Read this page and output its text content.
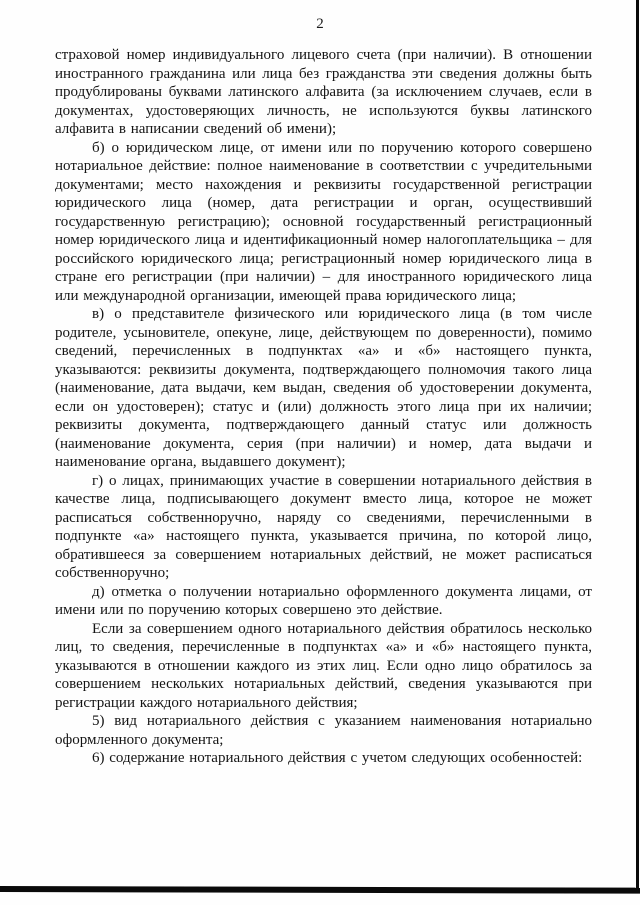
2

страховой номер индивидуального лицевого счета (при наличии). В отношении иностранного гражданина или лица без гражданства эти сведения должны быть продублированы буквами латинского алфавита (за исключением случаев, если в документах, удостоверяющих личность, не используются буквы латинского алфавита в написании сведений об имени);

б) о юридическом лице, от имени или по поручению которого совершено нотариальное действие: полное наименование в соответствии с учредительными документами; место нахождения и реквизиты государственной регистрации юридического лица (номер, дата регистрации и орган, осуществивший государственную регистрацию); основной государственный регистрационный номер юридического лица и идентификационный номер налогоплательщика – для российского юридического лица; регистрационный номер юридического лица в стране его регистрации (при наличии) – для иностранного юридического лица или международной организации, имеющей права юридического лица;

в) о представителе физического или юридического лица (в том числе родителе, усыновителе, опекуне, лице, действующем по доверенности), помимо сведений, перечисленных в подпунктах «а» и «б» настоящего пункта, указываются: реквизиты документа, подтверждающего полномочия такого лица (наименование, дата выдачи, кем выдан, сведения об удостоверении документа, если он удостоверен); статус и (или) должность этого лица при их наличии; реквизиты документа, подтверждающего данный статус или должность (наименование документа, серия (при наличии) и номер, дата выдачи и наименование органа, выдавшего документ);

г) о лицах, принимающих участие в совершении нотариального действия в качестве лица, подписывающего документ вместо лица, которое не может расписаться собственноручно, наряду со сведениями, перечисленными в подпункте «а» настоящего пункта, указывается причина, по которой лицо, обратившееся за совершением нотариальных действий, не может расписаться собственноручно;

д) отметка о получении нотариально оформленного документа лицами, от имени или по поручению которых совершено это действие.

Если за совершением одного нотариального действия обратилось несколько лиц, то сведения, перечисленные в подпунктах «а» и «б» настоящего пункта, указываются в отношении каждого из этих лиц. Если одно лицо обратилось за совершением нескольких нотариальных действий, сведения указываются при регистрации каждого нотариального действия;

5) вид нотариального действия с указанием наименования нотариально оформленного документа;

6) содержание нотариального действия с учетом следующих особенностей:
